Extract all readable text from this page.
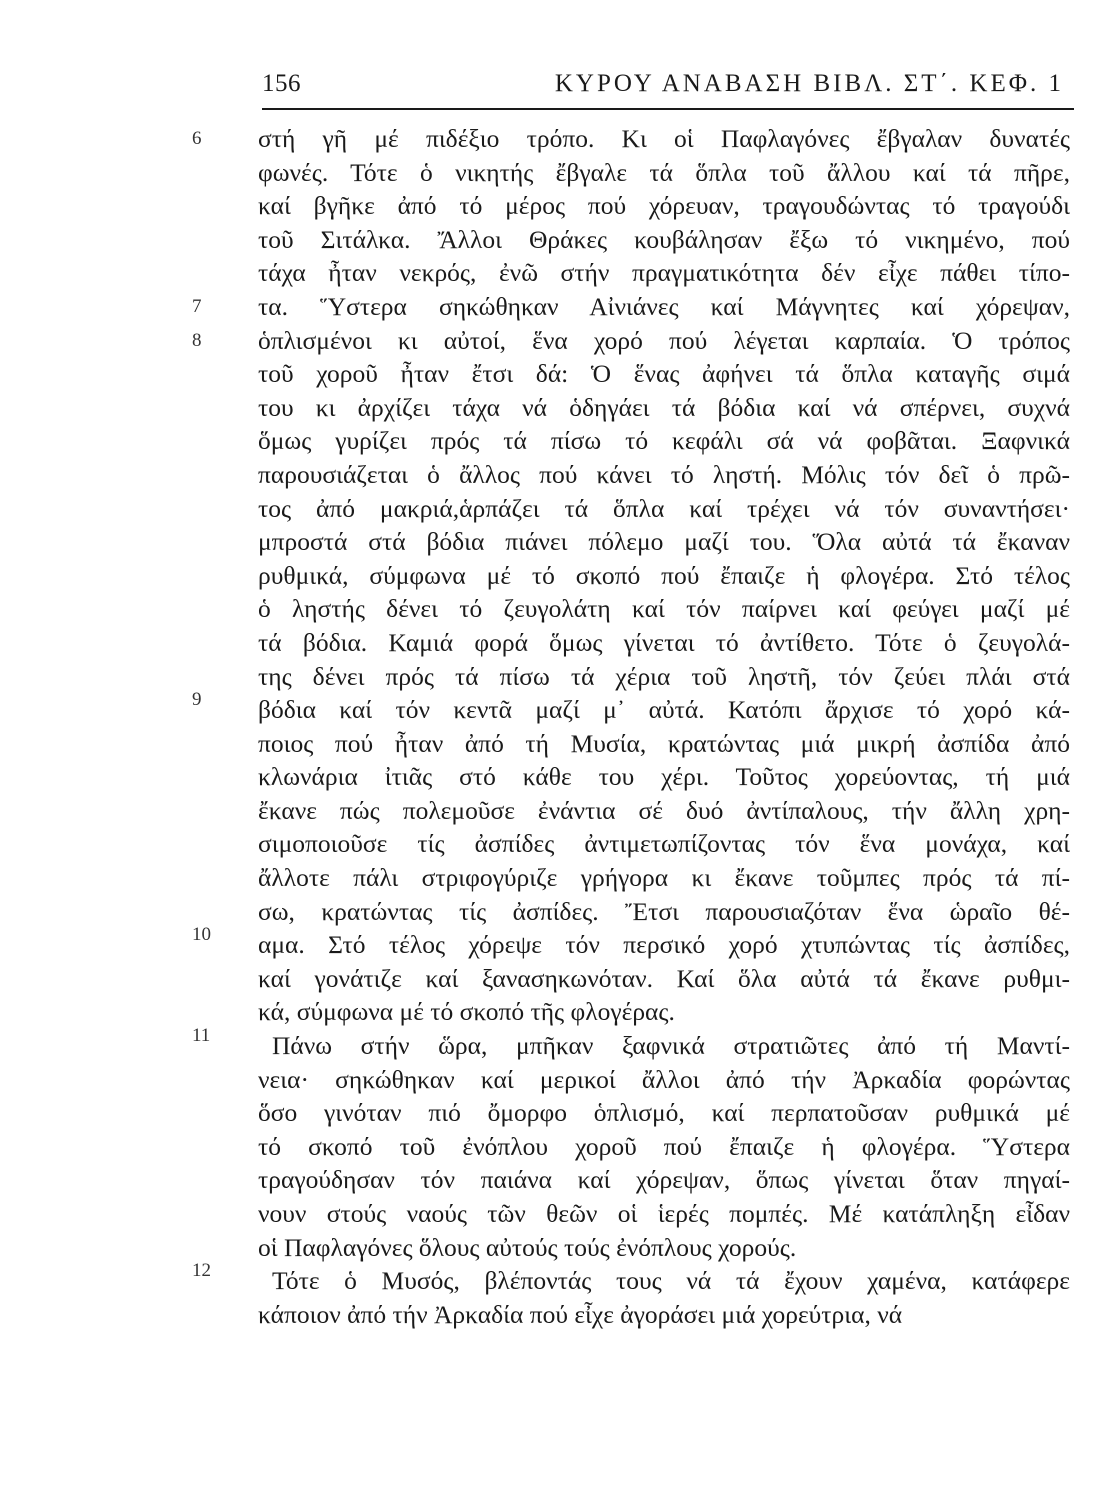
156	ΚΥΡΟΥ ΑΝΑΒΑΣΗ ΒΙΒΛ. ΣΤ΄. ΚΕΦ. 1
6 στή γῆ μέ πιδέξιο τρόπο. Κι οἱ Παφλαγόνες ἔβγαλαν δυνατές
φωνές. Τότε ὁ νικητής ἔβγαλε τά ὅπλα τοῦ ἄλλου καί τά πῆρε,
καί βγῆκε ἀπό τό μέρος πού χόρευαν, τραγουδώντας τό τραγούδι
τοῦ Σιτάλκα. Ἄλλοι Θράκες κουβάλησαν ἔξω τό νικημένο, πού
τάχα ἦταν νεκρός, ἐνῶ στήν πραγματικότητα δέν εἶχε πάθει τίπο-
7 τα. Ὕστερα σηκώθηκαν Αἰνιάνες καί Μάγνητες καί χόρεψαν,
8 ὁπλισμένοι κι αὐτοί, ἕνα χορό πού λέγεται καρπαία. Ὁ τρόπος
τοῦ χοροῦ ἦταν ἔτσι δά: Ὁ ἕνας ἀφήνει τά ὅπλα καταγῆς σιμά
του κι ἀρχίζει τάχα νά ὁδηγάει τά βόδια καί νά σπέρνει, συχνά
ὅμως γυρίζει πρός τά πίσω τό κεφάλι σά νά φοβᾶται. Ξαφνικά
παρουσιάζεται ὁ ἄλλος πού κάνει τό ληστή. Μόλις τόν δεῖ ὁ πρῶ-
τος ἀπό μακριά,ἁρπάζει τά ὅπλα καί τρέχει νά τόν συναντήσει·
μπροστά στά βόδια πιάνει πόλεμο μαζί του. Ὅλα αὐτά τά ἔκαναν
ρυθμικά, σύμφωνα μέ τό σκοπό πού ἔπαιζε ἡ φλογέρα. Στό τέλος
ὁ ληστής δένει τό ζευγολάτη καί τόν παίρνει καί φεύγει μαζί μέ
τά βόδια. Καμιά φορά ὅμως γίνεται τό ἀντίθετο. Τότε ὁ ζευγολά-
της δένει πρός τά πίσω τά χέρια τοῦ ληστῆ, τόν ζεύει πλάι στά
9 βόδια καί τόν κεντᾶ μαζί μ᾽ αὐτά. Κατόπι ἄρχισε τό χορό κά-
ποιος πού ἦταν ἀπό τή Μυσία, κρατώντας μιά μικρή ἀσπίδα ἀπό
κλωνάρια ἰτιᾶς στό κάθε του χέρι. Τοῦτος χορεύοντας, τή μιά
ἔκανε πώς πολεμοῦσε ἐνάντια σέ δυό ἀντίπαλους, τήν ἄλλη χρη-
σιμοποιοῦσε τίς ἀσπίδες ἀντιμετωπίζοντας τόν ἕνα μονάχα, καί
ἄλλοτε πάλι στριφογύριζε γρήγορα κι ἔκανε τοῦμπες πρός τά πί-
σω, κρατώντας τίς ἀσπίδες. Ἔτσι παρουσιαζόταν ἕνα ὡραῖο θέ-
10 αμα. Στό τέλος χόρεψε τόν περσικό χορό χτυπώντας τίς ἀσπίδες,
καί γονάτιζε καί ξανασηκωνόταν. Καί ὅλα αὐτά τά ἔκανε ρυθμι-
κά, σύμφωνα μέ τό σκοπό τῆς φλογέρας.
11 Πάνω στήν ὥρα, μπῆκαν ξαφνικά στρατιῶτες ἀπό τή Μαντί-
νεια· σηκώθηκαν καί μερικοί ἄλλοι ἀπό τήν Ἀρκαδία φορώντας
ὅσο γινόταν πιό ὄμορφο ὁπλισμό, καί περπατοῦσαν ρυθμικά μέ
τό σκοπό τοῦ ἐνόπλου χοροῦ πού ἔπαιζε ἡ φλογέρα. Ὕστερα
τραγούδησαν τόν παιάνα καί χόρεψαν, ὅπως γίνεται ὅταν πηγαί-
νουν στούς ναούς τῶν θεῶν οἱ ἱερές πομπές. Μέ κατάπληξη εἶδαν
οἱ Παφλαγόνες ὅλους αὐτούς τούς ἐνόπλους χορούς.
12 Τότε ὁ Μυσός, βλέποντάς τους νά τά ἔχουν χαμένα, κατάφερε
κάποιον ἀπό τήν Ἀρκαδία πού εἶχε ἀγοράσει μιά χορεύτρια, νά
